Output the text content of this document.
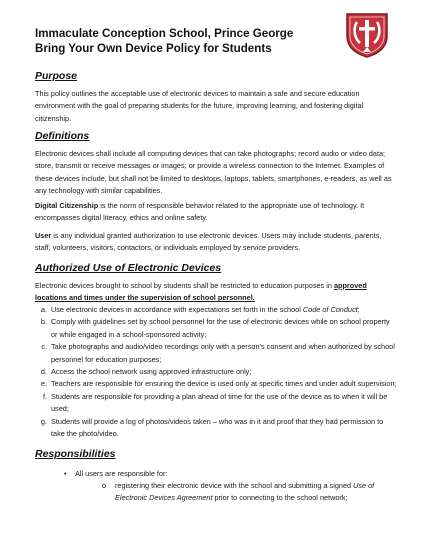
Immaculate Conception School, Prince George
Bring Your Own Device Policy for Students
Purpose
This policy outlines the acceptable use of electronic devices to maintain a safe and secure education environment with the goal of preparing students for the future, improving learning, and fostering digital citizenship.
Definitions
Electronic devices shall include all computing devices that can take photographs; record audio or video data; store, transmit or receive messages or images; or provide a wireless connection to the Internet. Examples of these devices include, but shall not be limited to desktops, laptops, tablets, smartphones, e-readers, as well as any technology with similar capabilities.
Digital Citizenship is the norm of responsible behavior related to the appropriate use of technology. It encompasses digital literacy, ethics and online safety.
User is any individual granted authorization to use electronic devices. Users may include students, parents, staff, volunteers, visitors, contactors, or individuals employed by service providers.
Authorized Use of Electronic Devices
Electronic devices brought to school by students shall be restricted to education purposes in approved locations and times under the supervision of school personnel.
a. Use electronic devices in accordance with expectations set forth in the school Code of Conduct;
b. Comply with guidelines set by school personnel for the use of electronic devices while on school property or while engaged in a school-sponsored activity;
c. Take photographs and audio/video recordings only with a person’s consent and when authorized by school personnel for education purposes;
d. Access the school network using approved infrastructure only;
e. Teachers are responsible for ensuring the device is used only at specific times and under adult supervision;
f. Students are responsible for providing a plan ahead of time for the use of the device as to when it will be used;
g. Students will provide a log of photos/videos taken – who was in it and proof that they had permission to take the photo/video.
Responsibilities
• All users are responsible for:
o registering their electronic device with the school and submitting a signed Use of Electronic Devices Agreement prior to connecting to the school network;
